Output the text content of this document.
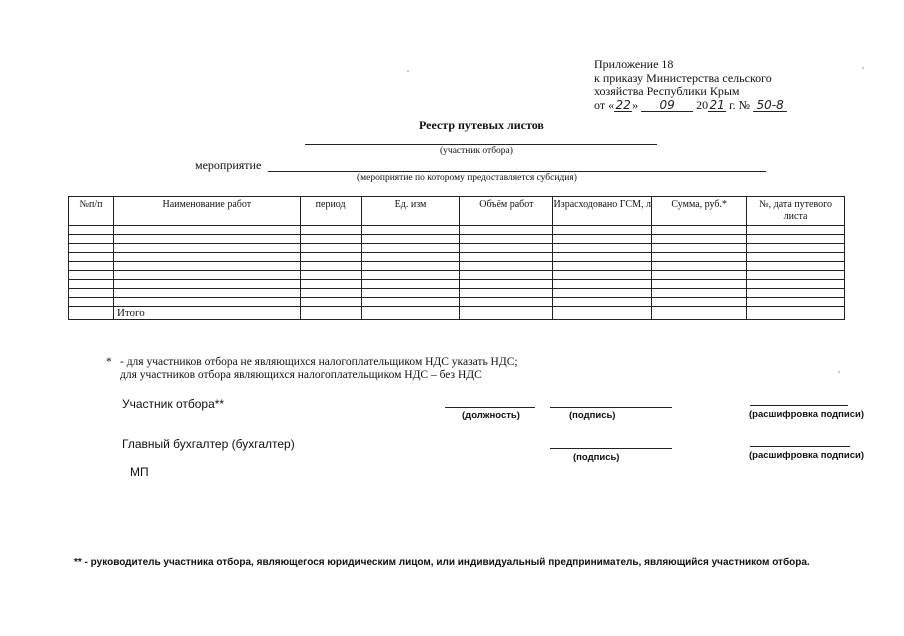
Приложение 18
к приказу Министерства сельского
хозяйства Республики Крым
от «22» 09 2021 г. № 50-8
Реестр путевых листов
(участник отбора)
мероприятие
(мероприятие по которому предоставляется субсидия)
№п/п	Наименование работ	период	Ед. изм	Объём работ	Израсходовано ГСМ, л	Сумма, руб.*	№, дата путевого листа

	Итого						
* - для участников отбора не являющихся налогоплательщиком НДС указать НДС;
для участников отбора являющихся налогоплательщиком НДС – без НДС
Участник отбора**
(должность)	(подпись)	(расшифровка подписи)
Главный бухгалтер (бухгалтер)
(подпись)	(расшифровка подписи)
МП
** - руководитель участника отбора, являющегося юридическим лицом, или индивидуальный предприниматель, являющийся участником отбора.
